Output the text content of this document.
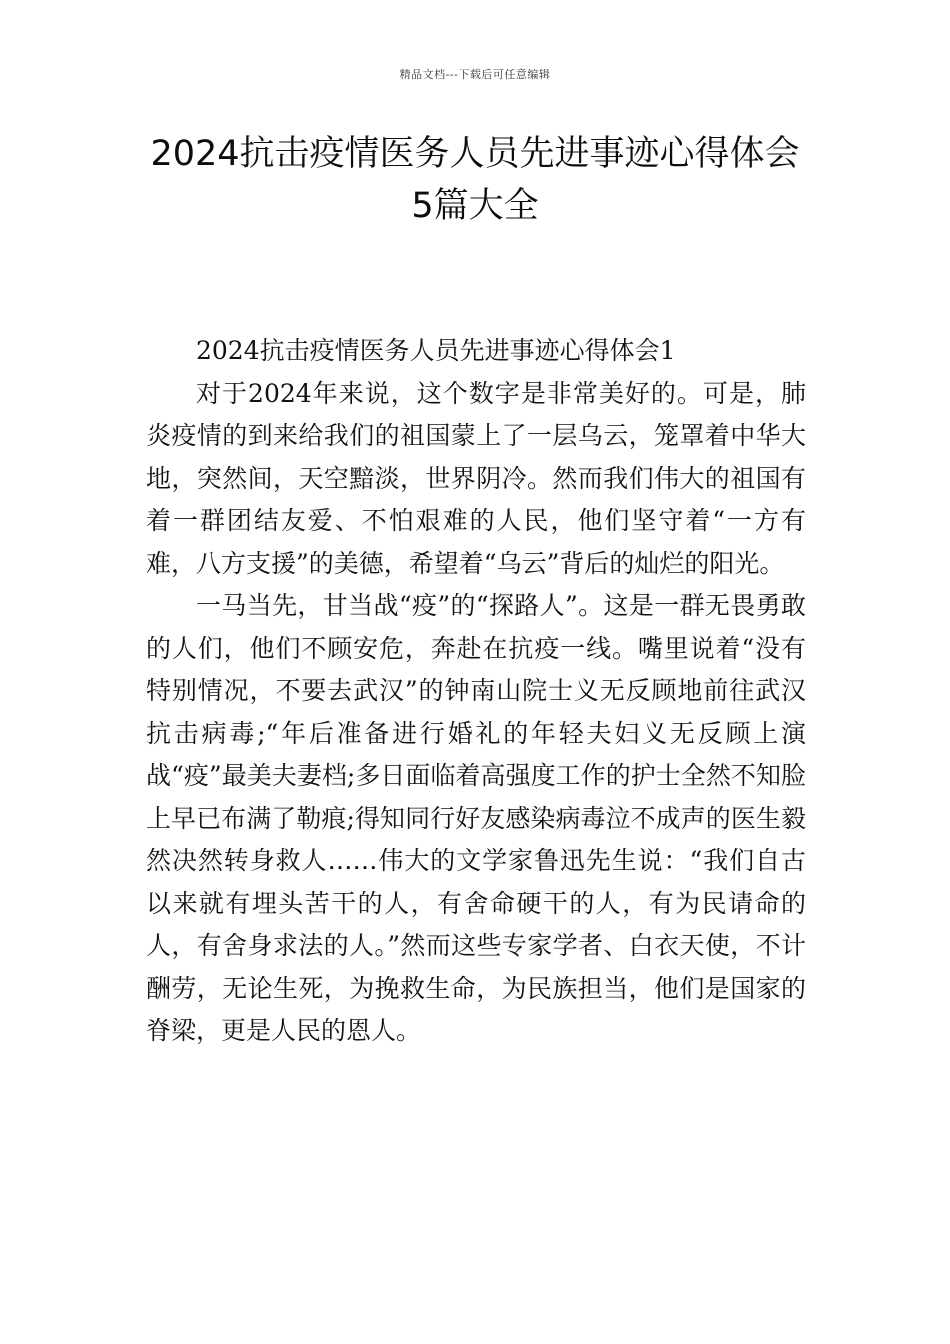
精品文档---下载后可任意编辑
2024抗击疫情医务人员先进事迹心得体会5篇大全

2024抗击疫情医务人员先进事迹心得体会1

对于2024年来说，这个数字是非常美好的。可是，肺炎疫情的到来给我们的祖国蒙上了一层乌云，笼罩着中华大地，突然间，天空黯淡，世界阴冷。然而我们伟大的祖国有着一群团结友爱、不怕艰难的人民，他们坚守着“一方有难，八方支援”的美德，希望着“乌云”背后的灿烂的阳光。

一马当先，甘当战“疫”的“探路人”。这是一群无畏勇敢的人们，他们不顾安危，奔赴在抗疫一线。嘴里说着“没有特别情况，不要去武汉”的钟南山院士义无反顾地前往武汉抗击病毒;“年后准备进行婚礼的年轻夫妇义无反顾上演战“疫”最美夫妻档;多日面临着高强度工作的护士全然不知脸上早已布满了勒痕;得知同行好友感染病毒泣不成声的医生毅然决然转身救人……伟大的文学家鲁迅先生说：“我们自古以来就有埋头苦干的人，有舍命硬干的人，有为民请命的人，有舍身求法的人。”然而这些专家学者、白衣天使，不计酬劳，无论生死，为挽救生命，为民族担当，他们是国家的脊梁，更是人民的恩人。
